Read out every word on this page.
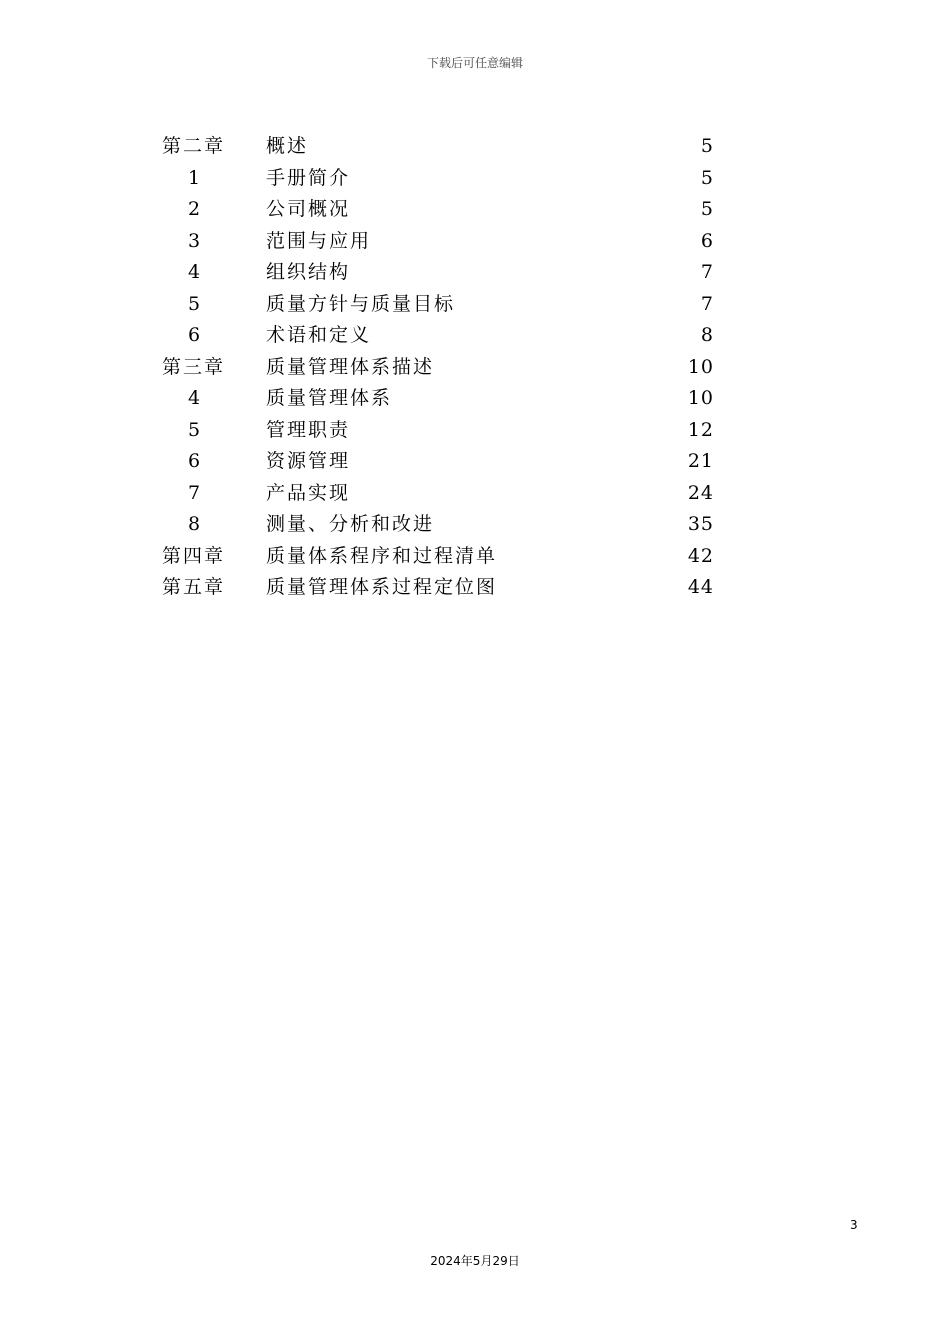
下载后可任意编辑
第二章 概述	5
1	手册简介	5
2	公司概况	5
3	范围与应用	6
4	组织结构	7
5	质量方针与质量目标	7
6	术语和定义	8
第三章 质量管理体系描述	10
4	质量管理体系	10
5	管理职责	12
6	资源管理	21
7	产品实现	24
8	测量、分析和改进	35
第四章 质量体系程序和过程清单	42
第五章 质量管理体系过程定位图	44
3
2024年5月29日
